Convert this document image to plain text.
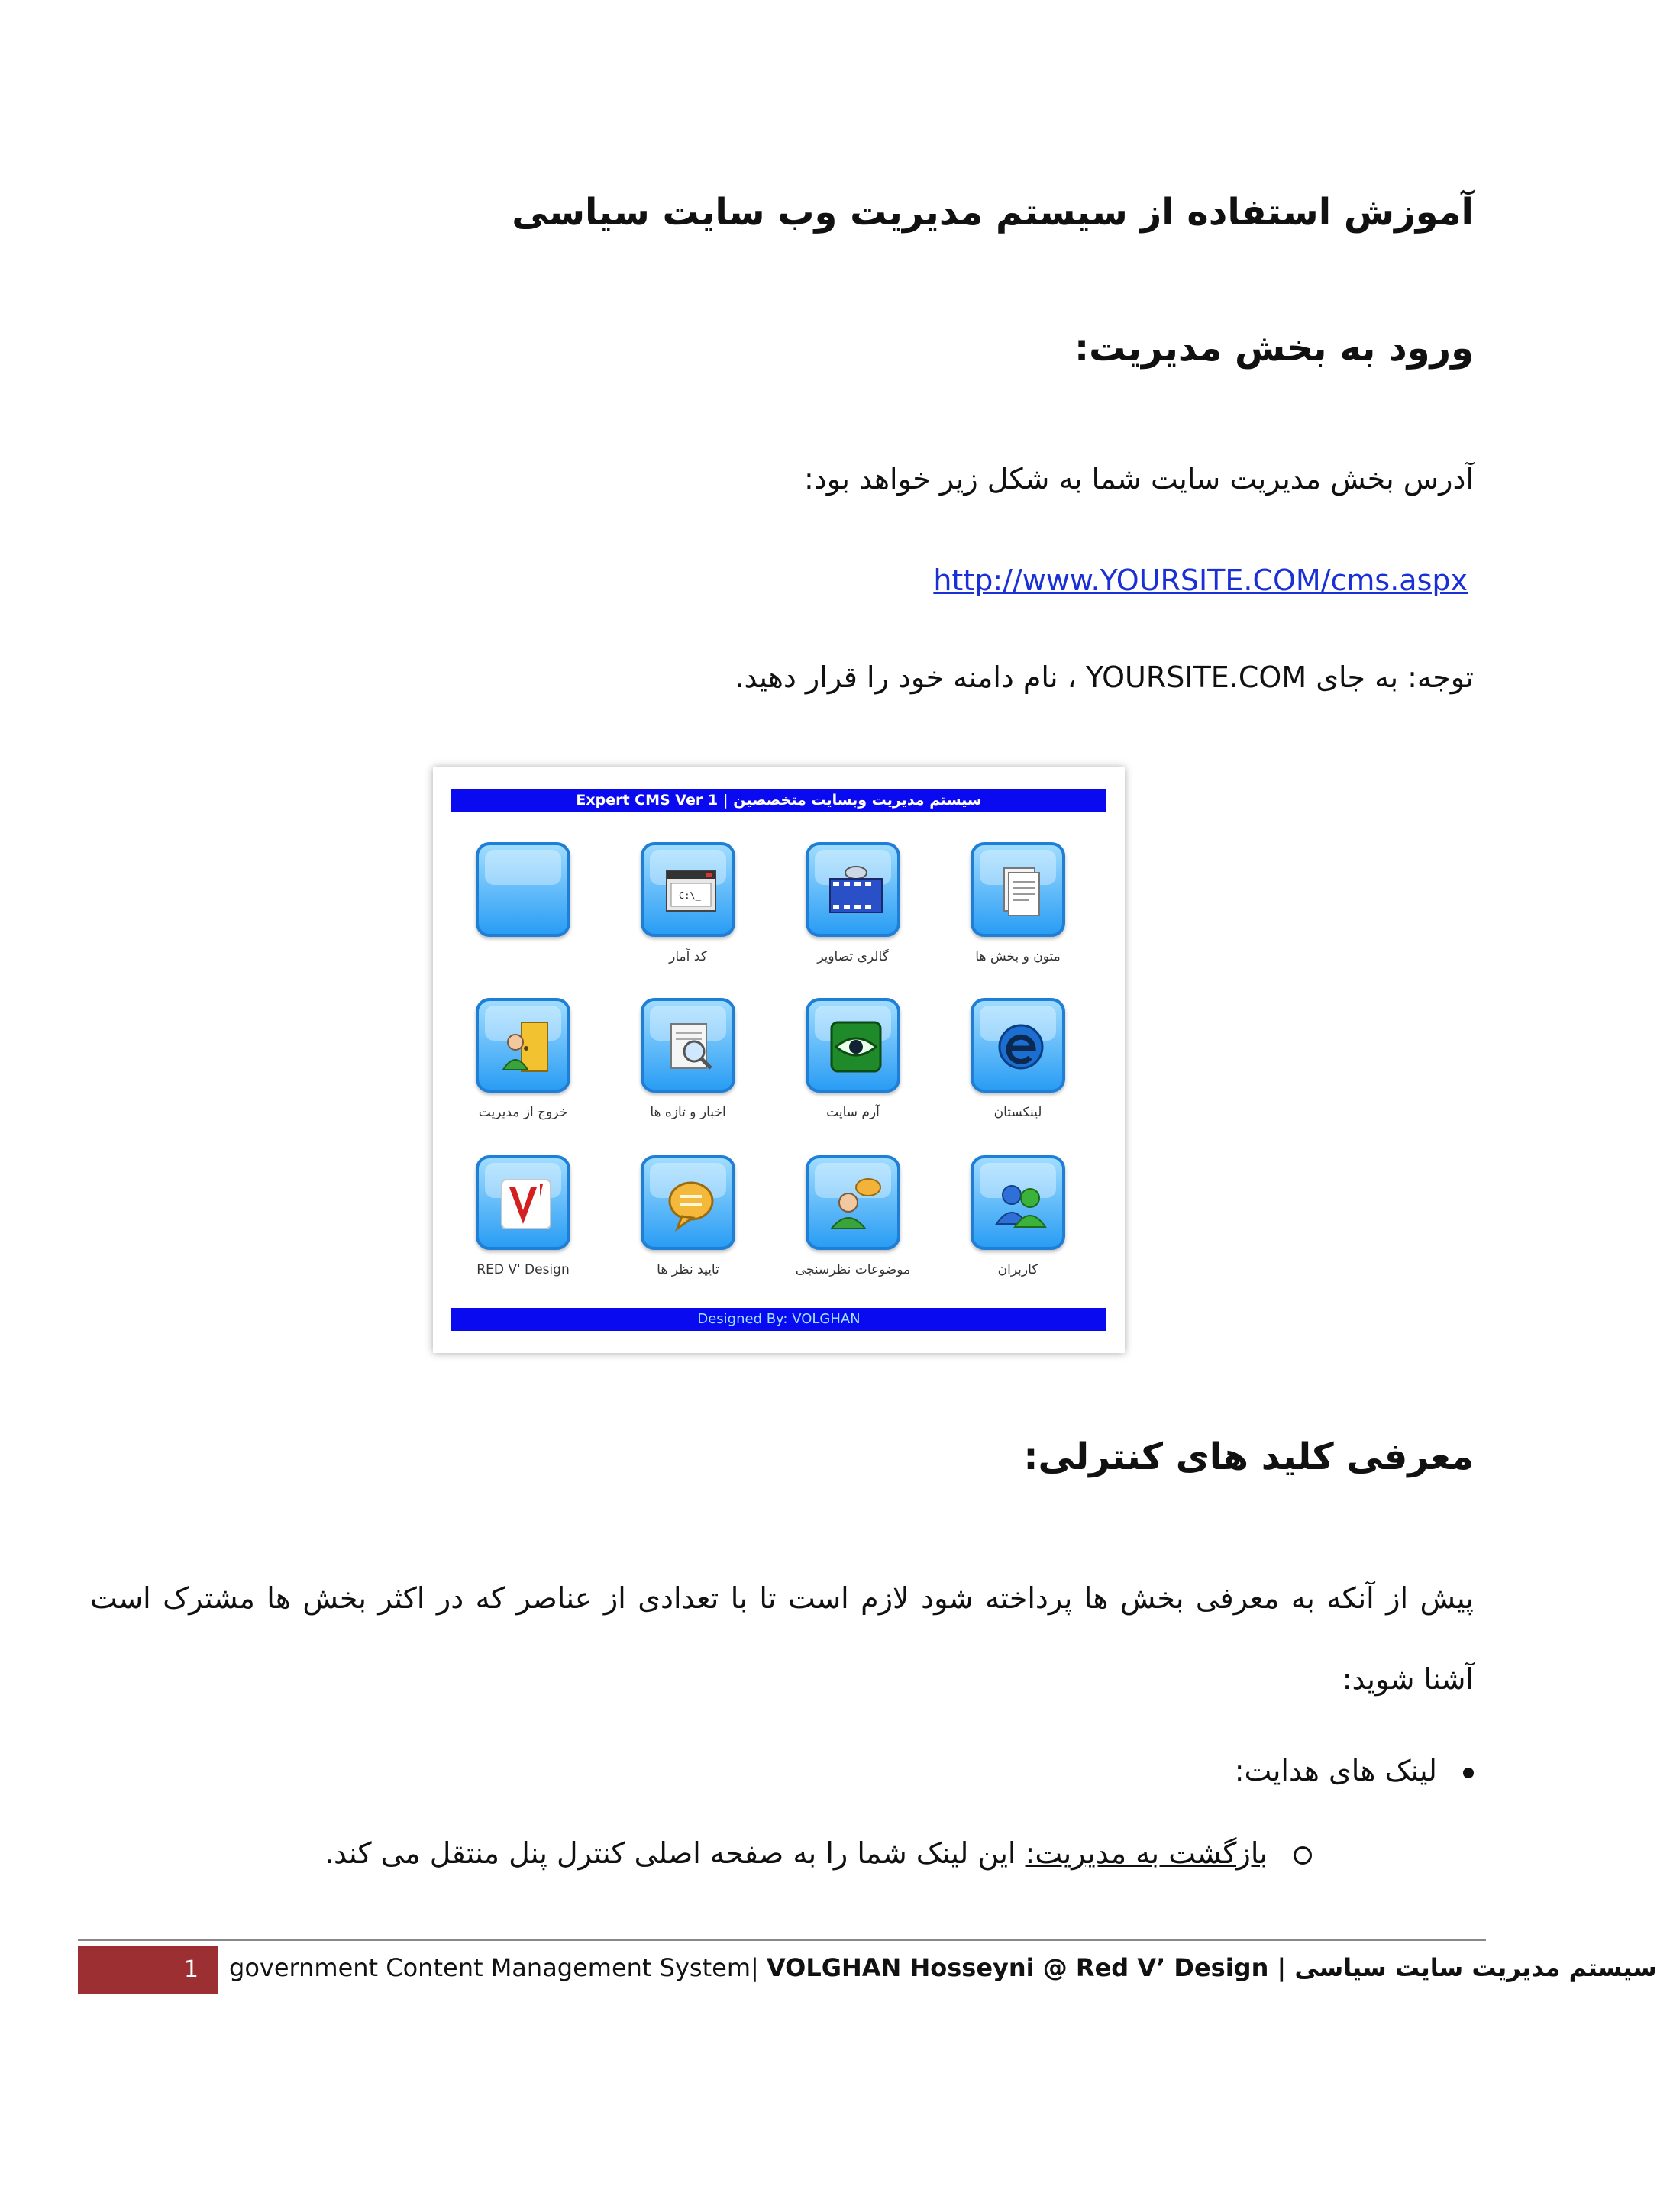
آموزش استفاده از سیستم مدیریت وب سایت سیاسی
ورود به بخش مدیریت:
آدرس بخش مدیریت سایت شما به شکل زیر خواهد بود:
http://www.YOURSITE.COM/cms.aspx
توجه: به جای YOURSITE.COM ، نام دامنه خود را قرار دهید.
Expert CMS Ver 1 | سیستم مدیریت وبسایت متخصصین
متون و بخش ها
گالری تصاویر
C:\_
کد آمار
لینکستان
آرم سایت
اخبار و تازه ها
خروج از مدیریت
کاربران
موضوعات نظرسنجی
تایید نظر ها
RED V' Design
Designed By: VOLGHAN
معرفی کلید های کنترلی:
پیش از آنکه به معرفی بخش ها پرداخته شود لازم است تا با تعدادی از عناصر که در اکثر بخش ها مشترک است آشنا شوید:
لینک های هدایت:
بازگشت به مدیریت: این لینک شما را به صفحه اصلی کنترل پنل منتقل می کند.
1	government Content Management System| VOLGHAN Hosseyni @ Red V’ Design | سیستم مدیریت سایت سیاسی
